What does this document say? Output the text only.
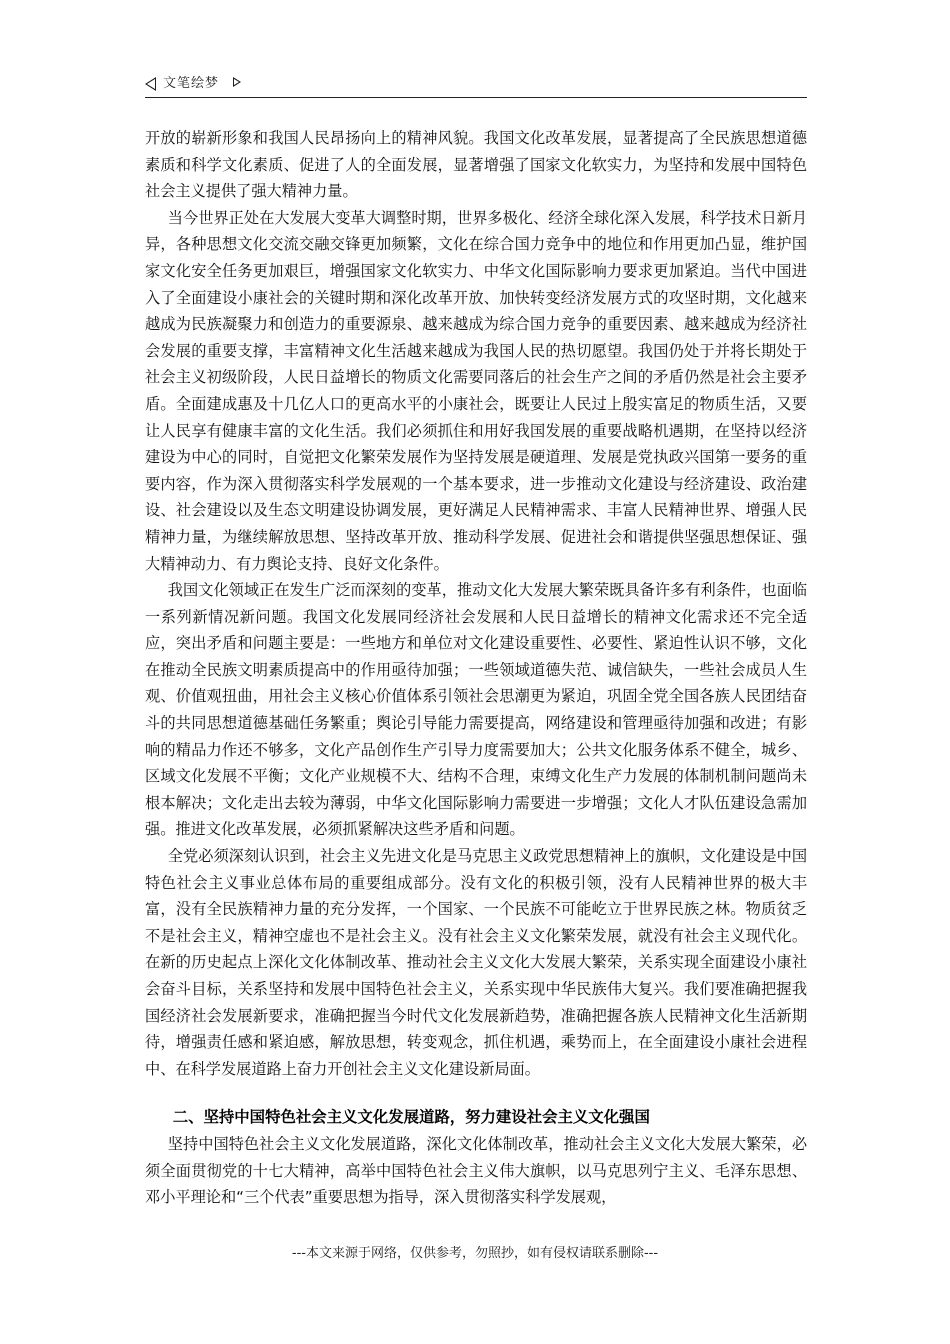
文笔绘梦

开放的崭新形象和我国人民昂扬向上的精神风貌。我国文化改革发展，显著提高了全民族思想道德素质和科学文化素质、促进了人的全面发展，显著增强了国家文化软实力，为坚持和发展中国特色社会主义提供了强大精神力量。

当今世界正处在大发展大变革大调整时期，世界多极化、经济全球化深入发展，科学技术日新月异，各种思想文化交流交融交锋更加频繁，文化在综合国力竞争中的地位和作用更加凸显，维护国家文化安全任务更加艰巨，增强国家文化软实力、中华文化国际影响力要求更加紧迫。当代中国进入了全面建设小康社会的关键时期和深化改革开放、加快转变经济发展方式的攻坚时期，文化越来越成为民族凝聚力和创造力的重要源泉、越来越成为综合国力竞争的重要因素、越来越成为经济社会发展的重要支撑，丰富精神文化生活越来越成为我国人民的热切愿望。我国仍处于并将长期处于社会主义初级阶段，人民日益增长的物质文化需要同落后的社会生产之间的矛盾仍然是社会主要矛盾。全面建成惠及十几亿人口的更高水平的小康社会，既要让人民过上殷实富足的物质生活，又要让人民享有健康丰富的文化生活。我们必须抓住和用好我国发展的重要战略机遇期，在坚持以经济建设为中心的同时，自觉把文化繁荣发展作为坚持发展是硬道理、发展是党执政兴国第一要务的重要内容，作为深入贯彻落实科学发展观的一个基本要求，进一步推动文化建设与经济建设、政治建设、社会建设以及生态文明建设协调发展，更好满足人民精神需求、丰富人民精神世界、增强人民精神力量，为继续解放思想、坚持改革开放、推动科学发展、促进社会和谐提供坚强思想保证、强大精神动力、有力舆论支持、良好文化条件。

我国文化领域正在发生广泛而深刻的变革，推动文化大发展大繁荣既具备许多有利条件，也面临一系列新情况新问题。我国文化发展同经济社会发展和人民日益增长的精神文化需求还不完全适应，突出矛盾和问题主要是：一些地方和单位对文化建设重要性、必要性、紧迫性认识不够，文化在推动全民族文明素质提高中的作用亟待加强；一些领域道德失范、诚信缺失，一些社会成员人生观、价值观扭曲，用社会主义核心价值体系引领社会思潮更为紧迫，巩固全党全国各族人民团结奋斗的共同思想道德基础任务繁重；舆论引导能力需要提高，网络建设和管理亟待加强和改进；有影响的精品力作还不够多，文化产品创作生产引导力度需要加大；公共文化服务体系不健全，城乡、区域文化发展不平衡；文化产业规模不大、结构不合理，束缚文化生产力发展的体制机制问题尚未根本解决；文化走出去较为薄弱，中华文化国际影响力需要进一步增强；文化人才队伍建设急需加强。推进文化改革发展，必须抓紧解决这些矛盾和问题。

全党必须深刻认识到，社会主义先进文化是马克思主义政党思想精神上的旗帜，文化建设是中国特色社会主义事业总体布局的重要组成部分。没有文化的积极引领，没有人民精神世界的极大丰富，没有全民族精神力量的充分发挥，一个国家、一个民族不可能屹立于世界民族之林。物质贫乏不是社会主义，精神空虚也不是社会主义。没有社会主义文化繁荣发展，就没有社会主义现代化。在新的历史起点上深化文化体制改革、推动社会主义文化大发展大繁荣，关系实现全面建设小康社会奋斗目标，关系坚持和发展中国特色社会主义，关系实现中华民族伟大复兴。我们要准确把握我国经济社会发展新要求，准确把握当今时代文化发展新趋势，准确把握各族人民精神文化生活新期待，增强责任感和紧迫感，解放思想，转变观念，抓住机遇，乘势而上，在全面建设小康社会进程中、在科学发展道路上奋力开创社会主义文化建设新局面。

二、坚持中国特色社会主义文化发展道路，努力建设社会主义文化强国

坚持中国特色社会主义文化发展道路，深化文化体制改革，推动社会主义文化大发展大繁荣，必须全面贯彻党的十七大精神，高举中国特色社会主义伟大旗帜，以马克思列宁主义、毛泽东思想、邓小平理论和“三个代表”重要思想为指导，深入贯彻落实科学发展观，

---本文来源于网络，仅供参考，勿照抄，如有侵权请联系删除---
